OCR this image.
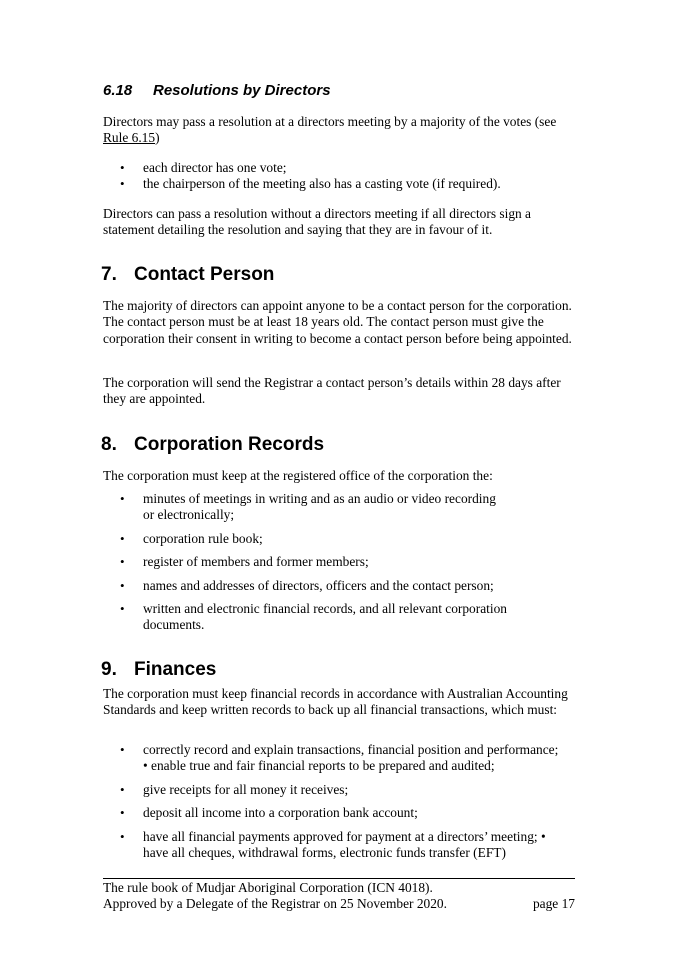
6.18 Resolutions by Directors

Directors may pass a resolution at a directors meeting by a majority of the votes (see Rule 6.15)

• each director has one vote;
• the chairperson of the meeting also has a casting vote (if required).

Directors can pass a resolution without a directors meeting if all directors sign a statement detailing the resolution and saying that they are in favour of it.

7. Contact Person

The majority of directors can appoint anyone to be a contact person for the corporation. The contact person must be at least 18 years old. The contact person must give the corporation their consent in writing to become a contact person before being appointed.

The corporation will send the Registrar a contact person’s details within 28 days after they are appointed.

8. Corporation Records

The corporation must keep at the registered office of the corporation the:

• minutes of meetings in writing and as an audio or video recording
or electronically;
• corporation rule book;
• register of members and former members;
• names and addresses of directors, officers and the contact person;
• written and electronic financial records, and all relevant corporation
documents.
9. Finances

The corporation must keep financial records in accordance with Australian Accounting Standards and keep written records to back up all financial transactions, which must:

• correctly record and explain transactions, financial position and performance;
• enable true and fair financial reports to be prepared and audited;
• give receipts for all money it receives;
• deposit all income into a corporation bank account;
• have all financial payments approved for payment at a directors’ meeting; •
have all cheques, withdrawal forms, electronic funds transfer (EFT)
The rule book of Mudjar Aboriginal Corporation (ICN 4018).
Approved by a Delegate of the Registrar on 25 November 2020.	page 17
